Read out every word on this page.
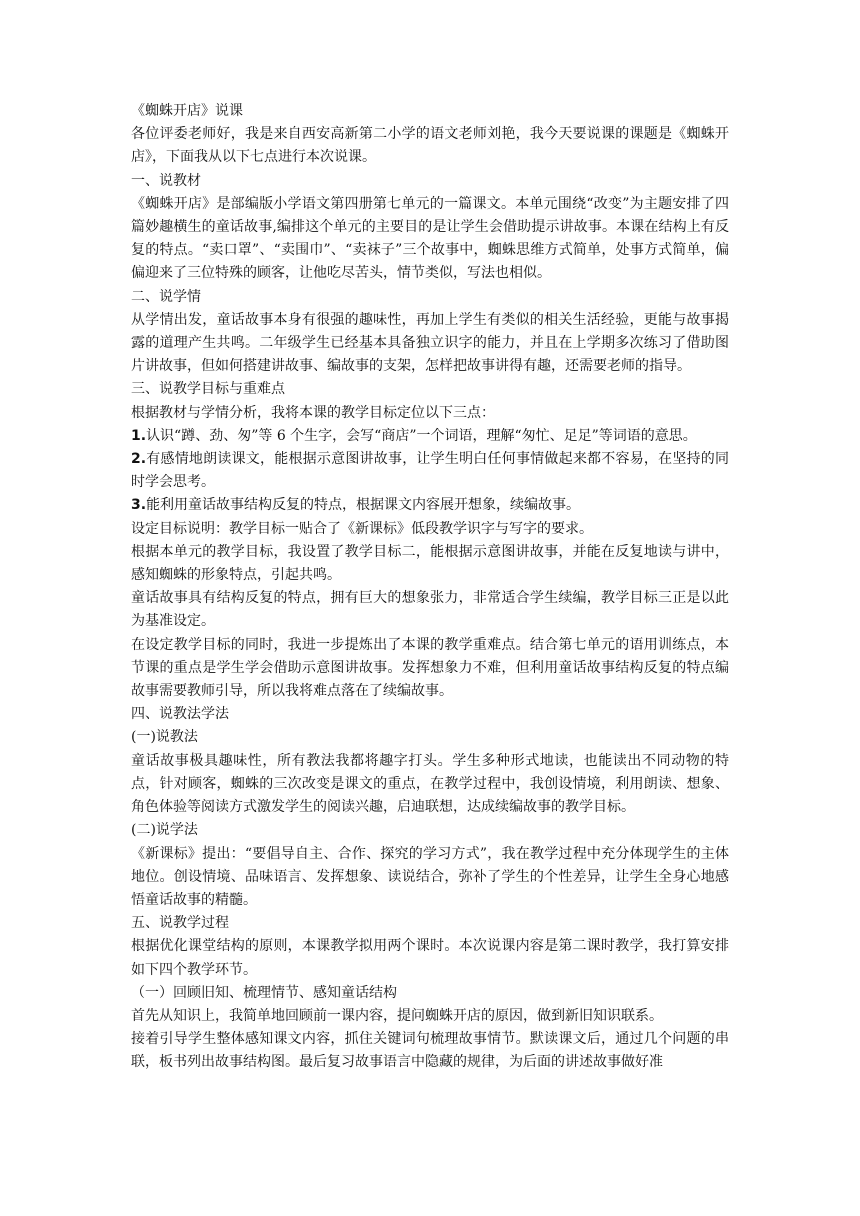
《蜘蛛开店》说课

各位评委老师好，我是来自西安高新第二小学的语文老师刘艳，我今天要说课的课题是《蜘蛛开店》，下面我从以下七点进行本次说课。

一、说教材

《蜘蛛开店》是部编版小学语文第四册第七单元的一篇课文。本单元围绕“改变”为主题安排了四篇妙趣横生的童话故事,编排这个单元的主要目的是让学生会借助提示讲故事。本课在结构上有反复的特点。“卖口罩”、“卖围巾”、“卖袜子”三个故事中，蜘蛛思维方式简单，处事方式简单，偏偏迎来了三位特殊的顾客，让他吃尽苦头，情节类似，写法也相似。

二、说学情

从学情出发，童话故事本身有很强的趣味性，再加上学生有类似的相关生活经验，更能与故事揭露的道理产生共鸣。二年级学生已经基本具备独立识字的能力，并且在上学期多次练习了借助图片讲故事，但如何搭建讲故事、编故事的支架，怎样把故事讲得有趣，还需要老师的指导。

三、说教学目标与重难点

根据教材与学情分析，我将本课的教学目标定位以下三点：

1.认识“蹲、劲、匆”等 6 个生字，会写“商店”一个词语，理解“匆忙、足足”等词语的意思。

2.有感情地朗读课文，能根据示意图讲故事，让学生明白任何事情做起来都不容易，在坚持的同时学会思考。

3.能利用童话故事结构反复的特点，根据课文内容展开想象，续编故事。

设定目标说明：教学目标一贴合了《新课标》低段教学识字与写字的要求。

根据本单元的教学目标，我设置了教学目标二，能根据示意图讲故事，并能在反复地读与讲中，感知蜘蛛的形象特点，引起共鸣。

童话故事具有结构反复的特点，拥有巨大的想象张力，非常适合学生续编，教学目标三正是以此为基准设定。

在设定教学目标的同时，我进一步提炼出了本课的教学重难点。结合第七单元的语用训练点，本节课的重点是学生学会借助示意图讲故事。发挥想象力不难，但利用童话故事结构反复的特点编故事需要教师引导，所以我将难点落在了续编故事。

四、说教法学法

(一)说教法

童话故事极具趣味性，所有教法我都将趣字打头。学生多种形式地读，也能读出不同动物的特点，针对顾客，蜘蛛的三次改变是课文的重点，在教学过程中，我创设情境，利用朗读、想象、角色体验等阅读方式激发学生的阅读兴趣，启迪联想，达成续编故事的教学目标。

(二)说学法

《新课标》提出：“要倡导自主、合作、探究的学习方式”，我在教学过程中充分体现学生的主体地位。创设情境、品味语言、发挥想象、读说结合，弥补了学生的个性差异，让学生全身心地感悟童话故事的精髓。

五、说教学过程

根据优化课堂结构的原则，本课教学拟用两个课时。本次说课内容是第二课时教学，我打算安排如下四个教学环节。

（一）回顾旧知、梳理情节、感知童话结构

首先从知识上，我简单地回顾前一课内容，提问蜘蛛开店的原因，做到新旧知识联系。

接着引导学生整体感知课文内容，抓住关键词句梳理故事情节。默读课文后，通过几个问题的串联，板书列出故事结构图。最后复习故事语言中隐藏的规律，为后面的讲述故事做好准
